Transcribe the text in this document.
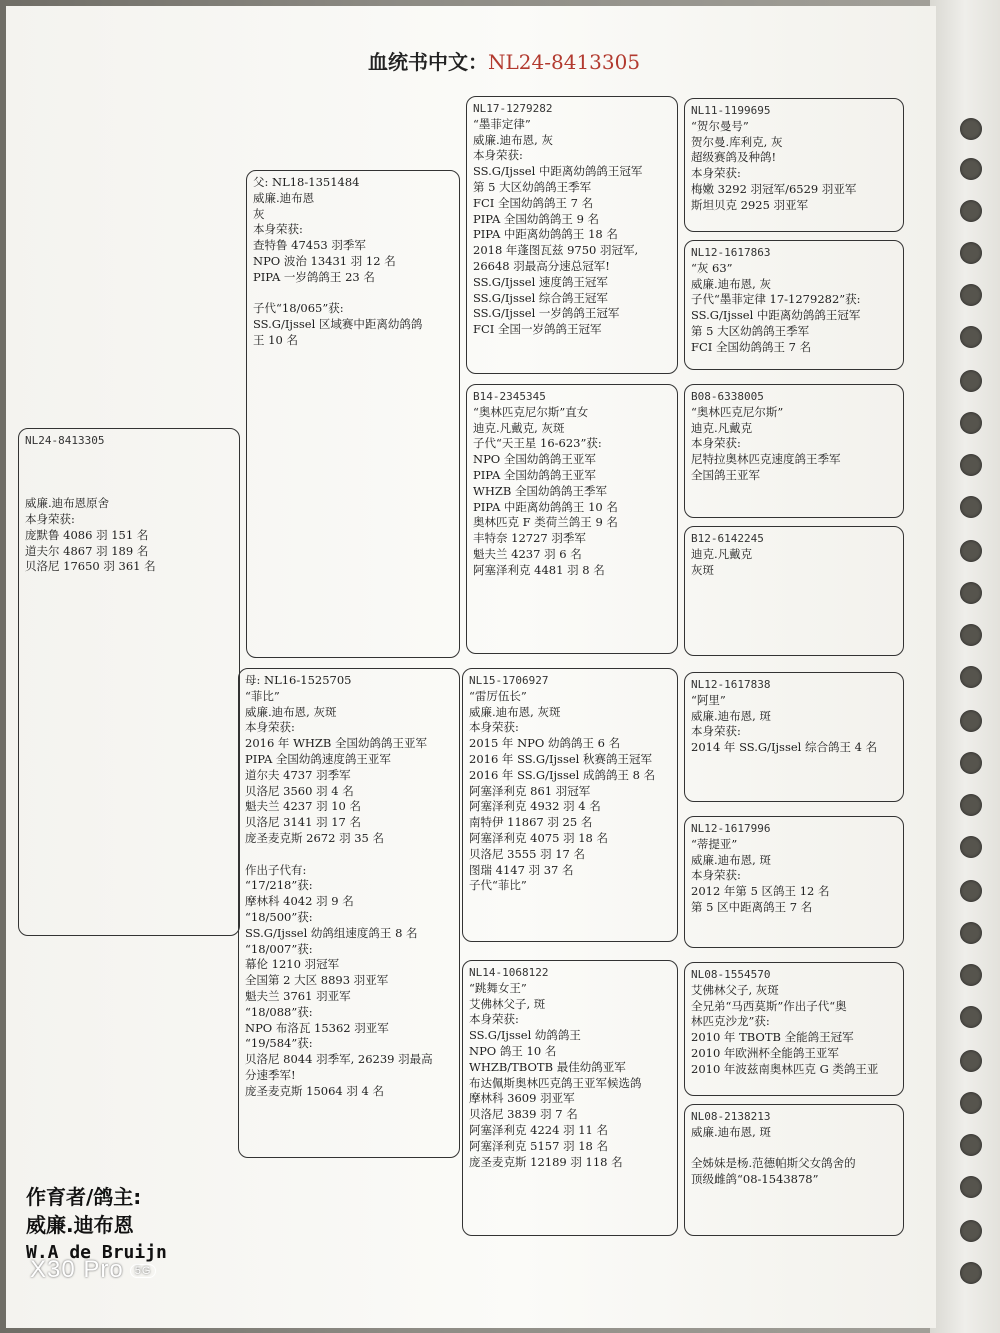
血统书中文：NL24-8413305
NL24-8413305
威廉.迪布恩原舍
本身荣获:
庞默鲁 4086 羽 151 名
道夫尔 4867 羽 189 名
贝洛尼 17650 羽 361 名
父: NL18-1351484
威廉.迪布恩
灰
本身荣获:
查特鲁 47453 羽季军
NPO 波治 13431 羽 12 名
PIPA 一岁鸽鸽王 23 名
子代“18/065”获:
SS.G/Ijssel 区域赛中距离幼鸽鸽
王 10 名
母: NL16-1525705
“菲比”
威廉.迪布恩, 灰斑
本身荣获:
2016 年 WHZB 全国幼鸽鸽王亚军
PIPA 全国幼鸽速度鸽王亚军
道尔夫 4737 羽季军
贝洛尼 3560 羽 4 名
魁夫兰 4237 羽 10 名
贝洛尼 3141 羽 17 名
庞圣麦克斯 2672 羽 35 名
作出子代有:
“17/218”获:
摩林科 4042 羽 9 名
“18/500”获:
SS.G/Ijssel 幼鸽组速度鸽王 8 名
“18/007”获:
幕伦 1210 羽冠军
全国第 2 大区 8893 羽亚军
魁夫兰 3761 羽亚军
“18/088”获:
NPO 布洛瓦 15362 羽亚军
“19/584”获:
贝洛尼 8044 羽季军, 26239 羽最高
分速季军!
庞圣麦克斯 15064 羽 4 名
NL17-1279282
“墨菲定律”
威廉.迪布恩, 灰
本身荣获:
SS.G/Ijssel 中距离幼鸽鸽王冠军
第 5 大区幼鸽鸽王季军
FCI 全国幼鸽鸽王 7 名
PIPA 全国幼鸽鸽王 9 名
PIPA 中距离幼鸽鸽王 18 名
2018 年蓬图瓦兹 9750 羽冠军,
26648 羽最高分速总冠军!
SS.G/Ijssel 速度鸽王冠军
SS.G/Ijssel 综合鸽王冠军
SS.G/Ijssel 一岁鸽鸽王冠军
FCI 全国一岁鸽鸽王冠军
B14-2345345
“奥林匹克尼尔斯”直女
迪克.凡戴克, 灰斑
子代“天王星 16-623”获:
NPO 全国幼鸽鸽王亚军
PIPA 全国幼鸽鸽王亚军
WHZB 全国幼鸽鸽王季军
PIPA 中距离幼鸽鸽王 10 名
奥林匹克 F 类荷兰鸽王 9 名
丰特奈 12727 羽季军
魁夫兰 4237 羽 6 名
阿塞泽利克 4481 羽 8 名
NL15-1706927
“雷厉伍长”
威廉.迪布恩, 灰斑
本身荣获:
2015 年 NPO 幼鸽鸽王 6 名
2016 年 SS.G/Ijssel 秋赛鸽王冠军
2016 年 SS.G/Ijssel 成鸽鸽王 8 名
阿塞泽利克 861 羽冠军
阿塞泽利克 4932 羽 4 名
南特伊 11867 羽 25 名
阿塞泽利克 4075 羽 18 名
贝洛尼 3555 羽 17 名
图瑞 4147 羽 37 名
子代“菲比”
NL14-1068122
“跳舞女王”
艾佛林父子, 斑
本身荣获:
SS.G/Ijssel 幼鸽鸽王
NPO 鸽王 10 名
WHZB/TBOTB 最佳幼鸽亚军
布达佩斯奥林匹克鸽王亚军候选鸽
摩林科 3609 羽亚军
贝洛尼 3839 羽 7 名
阿塞泽利克 4224 羽 11 名
阿塞泽利克 5157 羽 18 名
庞圣麦克斯 12189 羽 118 名
NL11-1199695
“贺尔曼号”
贺尔曼.库利克, 灰
超级赛鸽及种鸽!
本身荣获:
梅嫩 3292 羽冠军/6529 羽亚军
斯坦贝克 2925 羽亚军
NL12-1617863
“灰 63”
威廉.迪布恩, 灰
子代“墨菲定律 17-1279282”获:
SS.G/Ijssel 中距离幼鸽鸽王冠军
第 5 大区幼鸽鸽王季军
FCI 全国幼鸽鸽王 7 名
B08-6338005
“奥林匹克尼尔斯”
迪克.凡戴克
本身荣获:
尼特拉奥林匹克速度鸽王季军
全国鸽王亚军
B12-6142245
迪克.凡戴克
灰斑
NL12-1617838
“阿里”
威廉.迪布恩, 斑
本身荣获:
2014 年 SS.G/Ijssel 综合鸽王 4 名
NL12-1617996
“蒂提亚”
威廉.迪布恩, 斑
本身荣获:
2012 年第 5 区鸽王 12 名
第 5 区中距离鸽王 7 名
NL08-1554570
艾佛林父子, 灰斑
全兄弟“马西莫斯”作出子代“奥
林匹克沙龙”获:
2010 年 TBOTB 全能鸽王冠军
2010 年欧洲杯全能鸽王亚军
2010 年波兹南奥林匹克 G 类鸽王亚
NL08-2138213
威廉.迪布恩, 斑
全姊妹是杨.范德帕斯父女鸽舍的
顶级雌鸽“08-1543878”
作育者/鸽主:
威廉.迪布恩
W.A de Bruijn
X30 Pro 5G
